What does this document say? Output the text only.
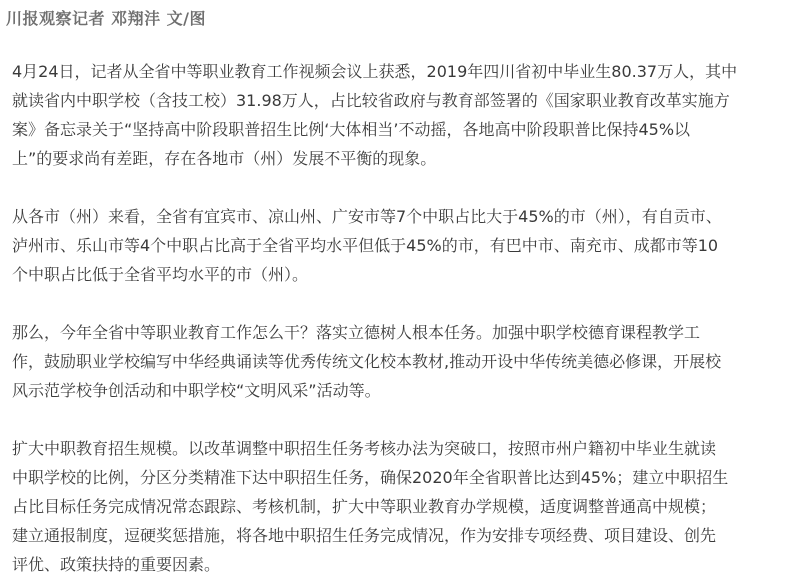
川报观察记者 邓翔沣 文/图

4月24日，记者从全省中等职业教育工作视频会议上获悉，2019年四川省初中毕业生80.37万人，其中
就读省内中职学校（含技工校）31.98万人，占比较省政府与教育部签署的《国家职业教育改革实施方
案》备忘录关于“坚持高中阶段职普招生比例‘大体相当’不动摇，各地高中阶段职普比保持45%以
上”的要求尚有差距，存在各地市（州）发展不平衡的现象。

从各市（州）来看，全省有宜宾市、凉山州、广安市等7个中职占比大于45%的市（州），有自贡市、
泸州市、乐山市等4个中职占比高于全省平均水平但低于45%的市，有巴中市、南充市、成都市等10
个中职占比低于全省平均水平的市（州）。

那么，今年全省中等职业教育工作怎么干？落实立德树人根本任务。加强中职学校德育课程教学工
作，鼓励职业学校编写中华经典诵读等优秀传统文化校本教材,推动开设中华传统美德必修课，开展校
风示范学校争创活动和中职学校“文明风采”活动等。

扩大中职教育招生规模。以改革调整中职招生任务考核办法为突破口，按照市州户籍初中毕业生就读
中职学校的比例，分区分类精准下达中职招生任务，确保2020年全省职普比达到45%；建立中职招生
占比目标任务完成情况常态跟踪、考核机制，扩大中等职业教育办学规模，适度调整普通高中规模；
建立通报制度，逗硬奖惩措施，将各地中职招生任务完成情况，作为安排专项经费、项目建设、创先
评优、政策扶持的重要因素。
